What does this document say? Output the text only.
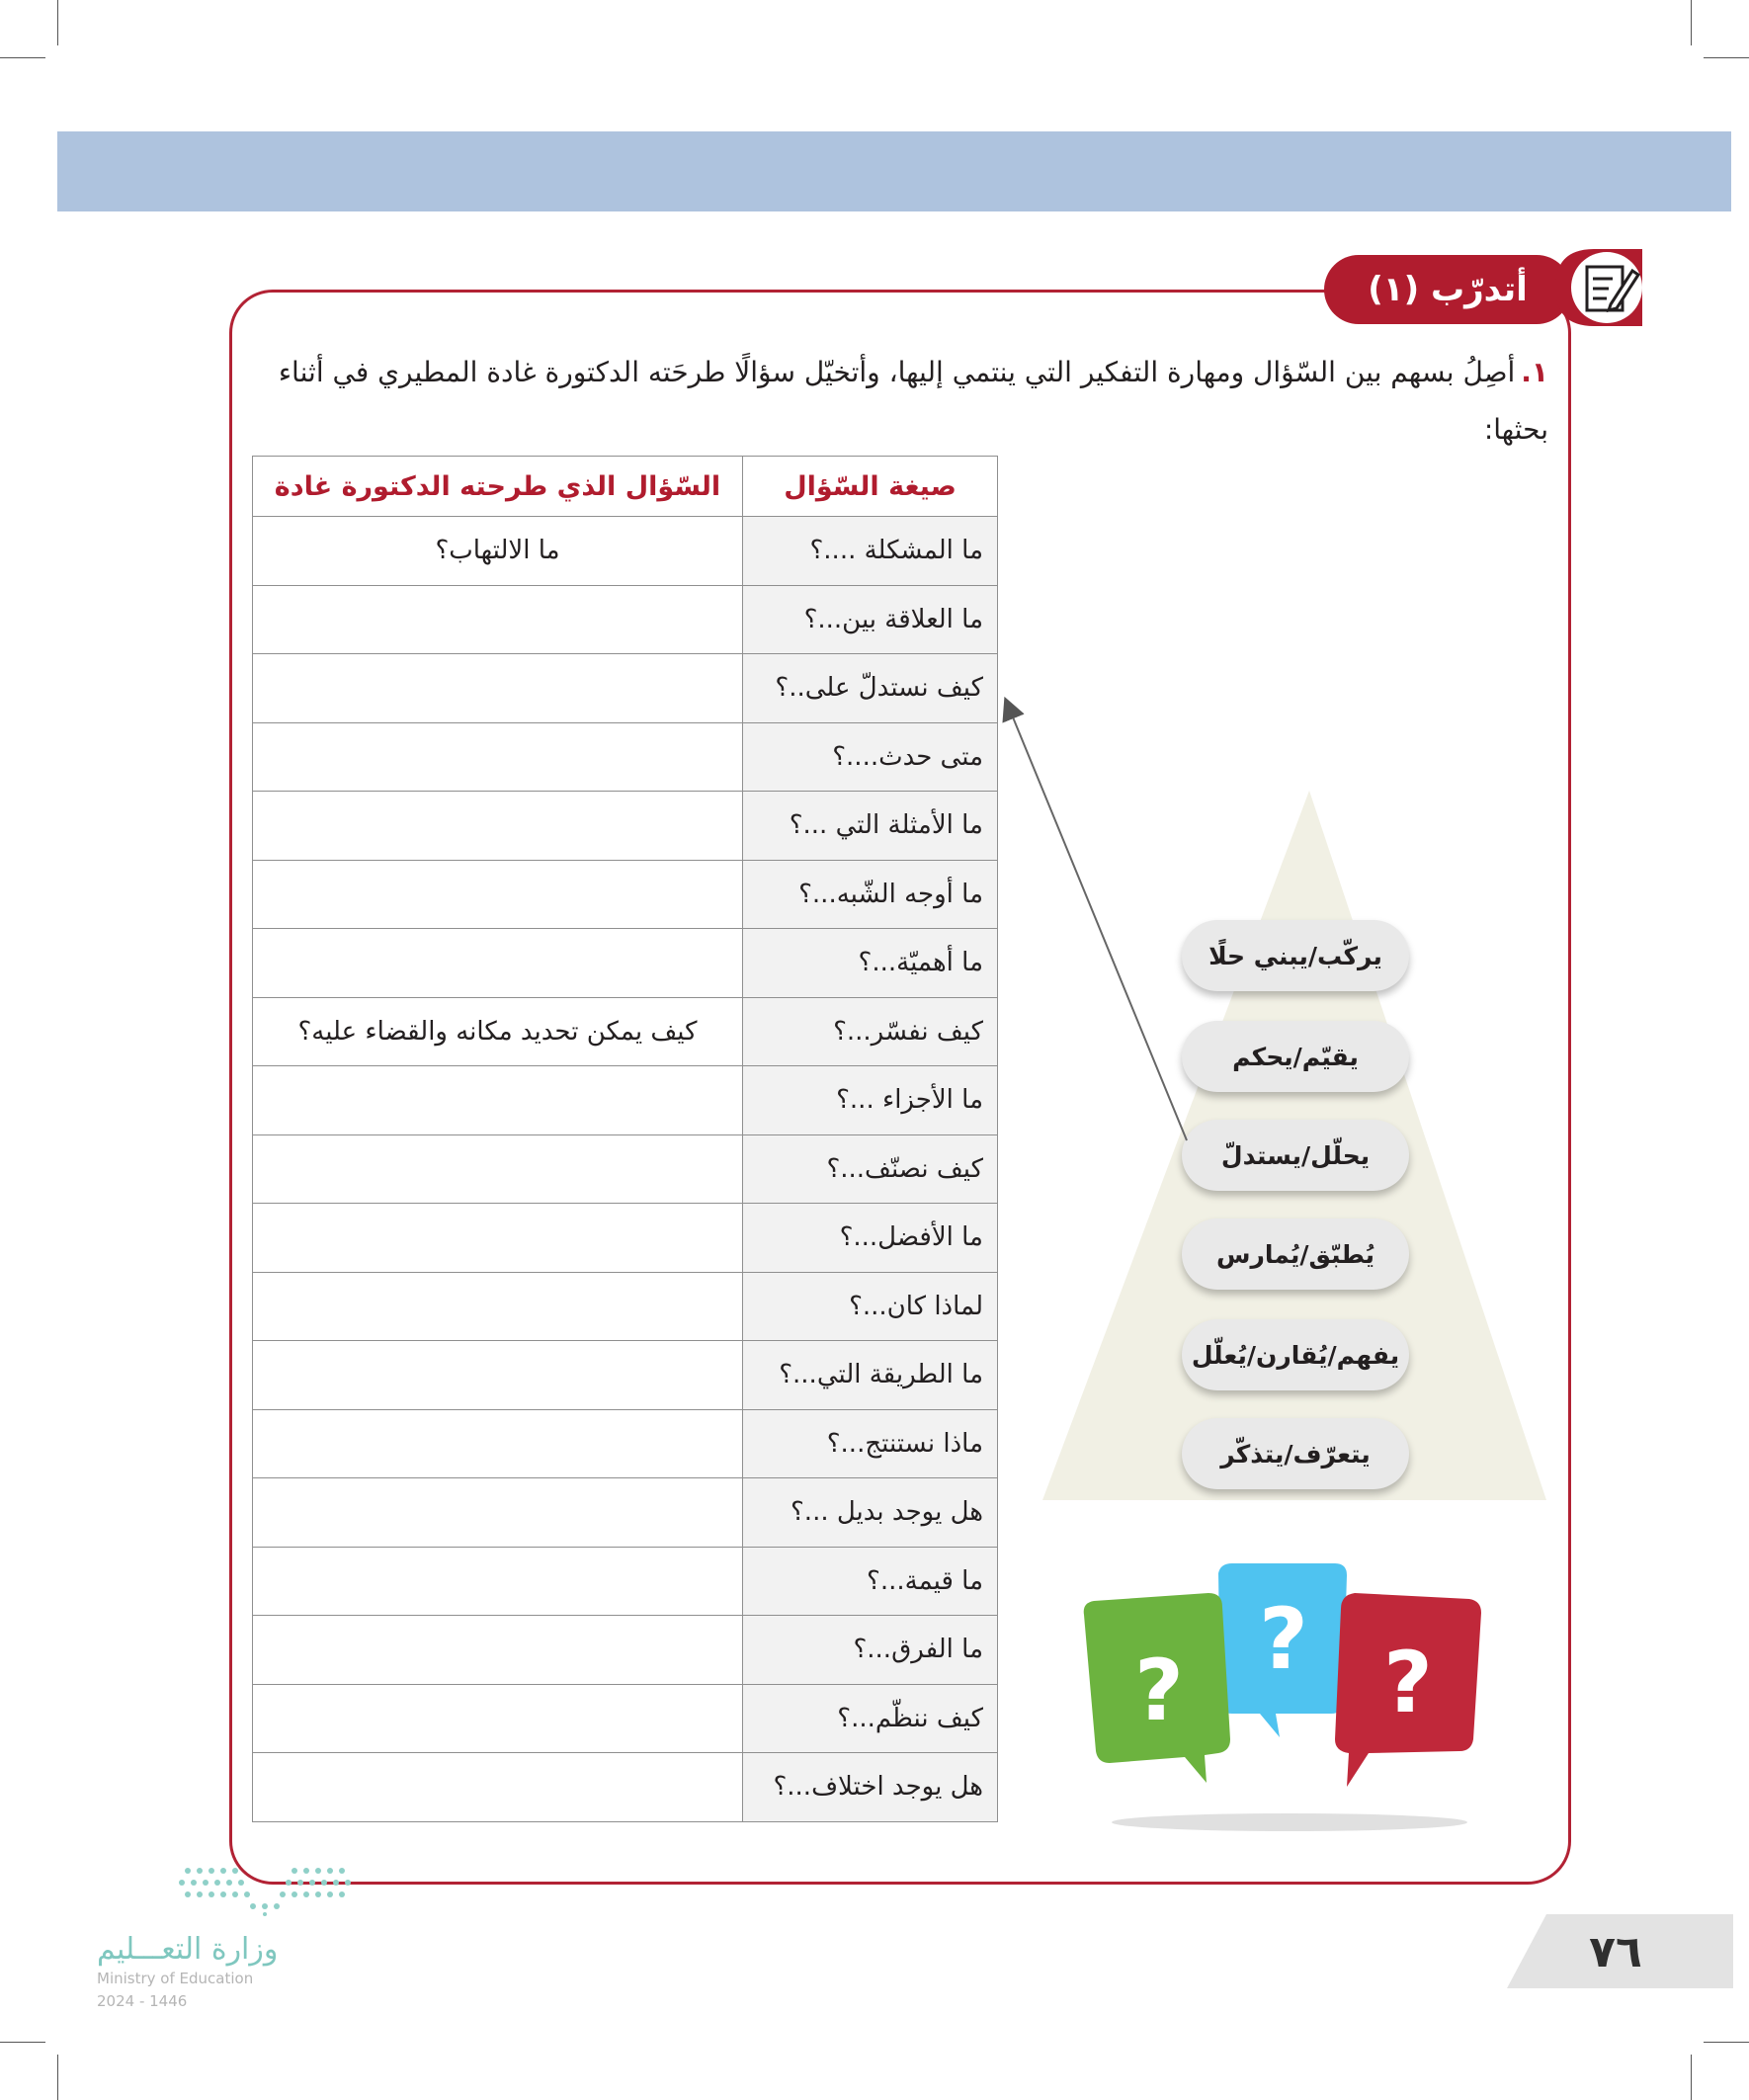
أتدرّب (١)
١.أصِلُ بسهم بين السّؤال ومهارة التفكير التي ينتمي إليها، وأتخيّل سؤالًا طرحَته الدكتورة غادة المطيري في أثناء بحثها:
صيغة السّؤال	السّؤال الذي طرحته الدكتورة غادة
ما المشكلة ....؟	ما الالتهاب؟
ما العلاقة بين...؟	
كيف نستدلّ على..؟	
متى حدث....؟	
ما الأمثلة التي ...؟	
ما أوجه الشّبه...؟	
ما أهميّة...؟	
كيف نفسّر...؟	كيف يمكن تحديد مكانه والقضاء عليه؟
ما الأجزاء ...؟	
كيف نصنّف...؟	
ما الأفضل...؟	
لماذا كان...؟	
ما الطريقة التي...؟	
ماذا نستنتج...؟	
هل يوجد بديل ...؟	
ما قيمة...؟	
ما الفرق...؟	
كيف ننظّم...؟	
هل يوجد اختلاف...؟	
يركّب/يبني حلًا
يقيّم/يحكم
يحلّل/يستدلّ
يُطبّق/يُمارس
يفهم/يُقارن/يُعلّل
يتعرّف/يتذكّر
?
? ?
وزارة التعـــليم
Ministry of Education
2024 - 1446
٧٦
